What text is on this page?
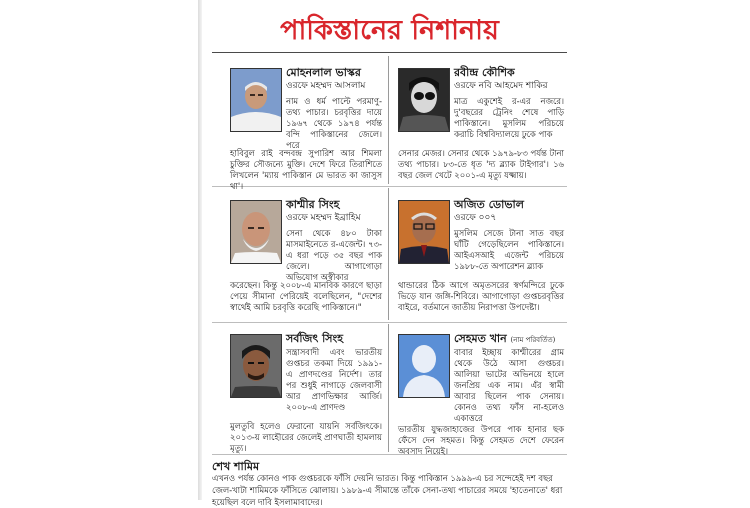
পাকিস্তানের নিশানায়
মোহনলাল ভাস্কর
ওরফে মহম্মদ আসলাম
নাম ও ধর্ম পাল্টে পরমাণু-তথ্য পাচার। চরবৃত্তির দায়ে ১৯৬৭ থেকে ১৯৭৪ পর্যন্ত বন্দি পাকিস্তানের জেলে। পরে
হাবিবুল রাই বন্দবন্দ্র সুপারিশ আর শিমলা চুক্তির সৌজন্যে মুক্তি। দেশে ফিরে তিরাশিতে লিখলেন 'ম্যায় পাকিস্তান মে ভারত কা জাসুস থা'।
রবীন্দ্র কৌশিক
ওরফে নবি আহমেদ শাকির
মাত্র একুশেই র-এর নজরে। দু'বছরের ট্রেনিং শেষে পাড়ি পাকিস্তানে। মুসলিম পরিচয়ে করাচি বিশ্ববিদ্যালয়ে ঢুকে পাক
সেনার মেজর। সেনার থেকে ১৯৭৯-৮৩ পর্যন্ত টানা তথ্য পাচার। ৮৩-তে ধৃত 'দ্য ব্ল্যাক টাইগার'। ১৬ বছর জেল খেটে ২০০১-এ মৃত্যু যক্ষ্মায়।
কাশ্মীর সিংহ
ওরফে মহম্মদ ইব্রাহিম
সেনা থেকে ৪৮০ টাকা মাসমাইনেতে র-এজেন্ট। ৭৩-এ ধরা পড়ে ৩৫ বছর পাক জেলে। আগাগোড়া অভিযোগ অস্বীকার
করেছেন। কিন্তু ২০০৮-এ মানবিক কারণে ছাড়া পেয়ে সীমানা পেরিয়েই বলেছিলেন, "দেশের স্বার্থেই আমি চরবৃত্তি করেছি পাকিস্তানে।"
অজিত ডোভাল
ওরফে ০০৭
মুসলিম সেজে টানা সাত বছর ঘাঁটি গেড়েছিলেন পাকিস্তানে। আইএসআই এজেন্ট পরিচয়ে ১৯৮৮-তে অপারেশন ব্ল্যাক
থান্ডারের ঠিক আগে অমৃতসরের স্বর্ণমন্দিরে ঢুকে ভিড়ে যান জঙ্গি-শিবিরে। আগাগোড়া গুপ্তচরবৃত্তির বাইরে, বর্তমানে জাতীয় নিরাপত্তা উপদেষ্টা।
সর্বজিৎ সিংহ
সন্ত্রাসবাদী এবং ভারতীয় গুপ্তচর তকমা দিয়ে ১৯৯১-এ প্রাণদণ্ডের নির্দেশ। তার পর শুধুই নাগাড়ে জেলবাসী আর প্রাণভিক্ষার আর্জি। ২০০৮-এ প্রাণদণ্ড
মুলতুবি হলেও ফেরানো যায়নি সর্বজিৎকে। ২০১৩-য় লাহৌরের জেলেই প্রাণঘাতী হামলায় মৃত্যু।
সেহমত খান (নাম পরিবর্তিত)
বাবার ইচ্ছায় কাশ্মীরের গ্রাম থেকে উঠে আসা গুপ্তচর। আলিয়া ভাটের অভিনয়ে হালে জনপ্রিয় এক নাম। এঁর স্বামী আবার ছিলেন পাক সেনায়। কোনও তথ্য ফাঁস না-হলেও একাত্তরে
ভারতীয় যুদ্ধজাহাজের উপরে পাক হানার ছক ফেঁসে দেন সহমত। কিন্তু সেহমত দেশে ফেরেন অবসাদ নিয়েই।
শেখ শামিম
এখনও পর্যন্ত কোনও পাক গুপ্তচরকে ফাঁসি দেয়নি ভারত। কিন্তু পাকিস্তান ১৯৯৯-এ চর সন্দেহেই দশ বছর জেল-খাটা শামিমকে ফাঁসিতে ঝোলায়। ১৯৮৯-এ সীমান্তে তাঁকে সেনা-তথ্য পাচারের সময়ে 'হাতেনাতে' ধরা হয়েছিল বলে দাবি ইসলামাবাদের।
